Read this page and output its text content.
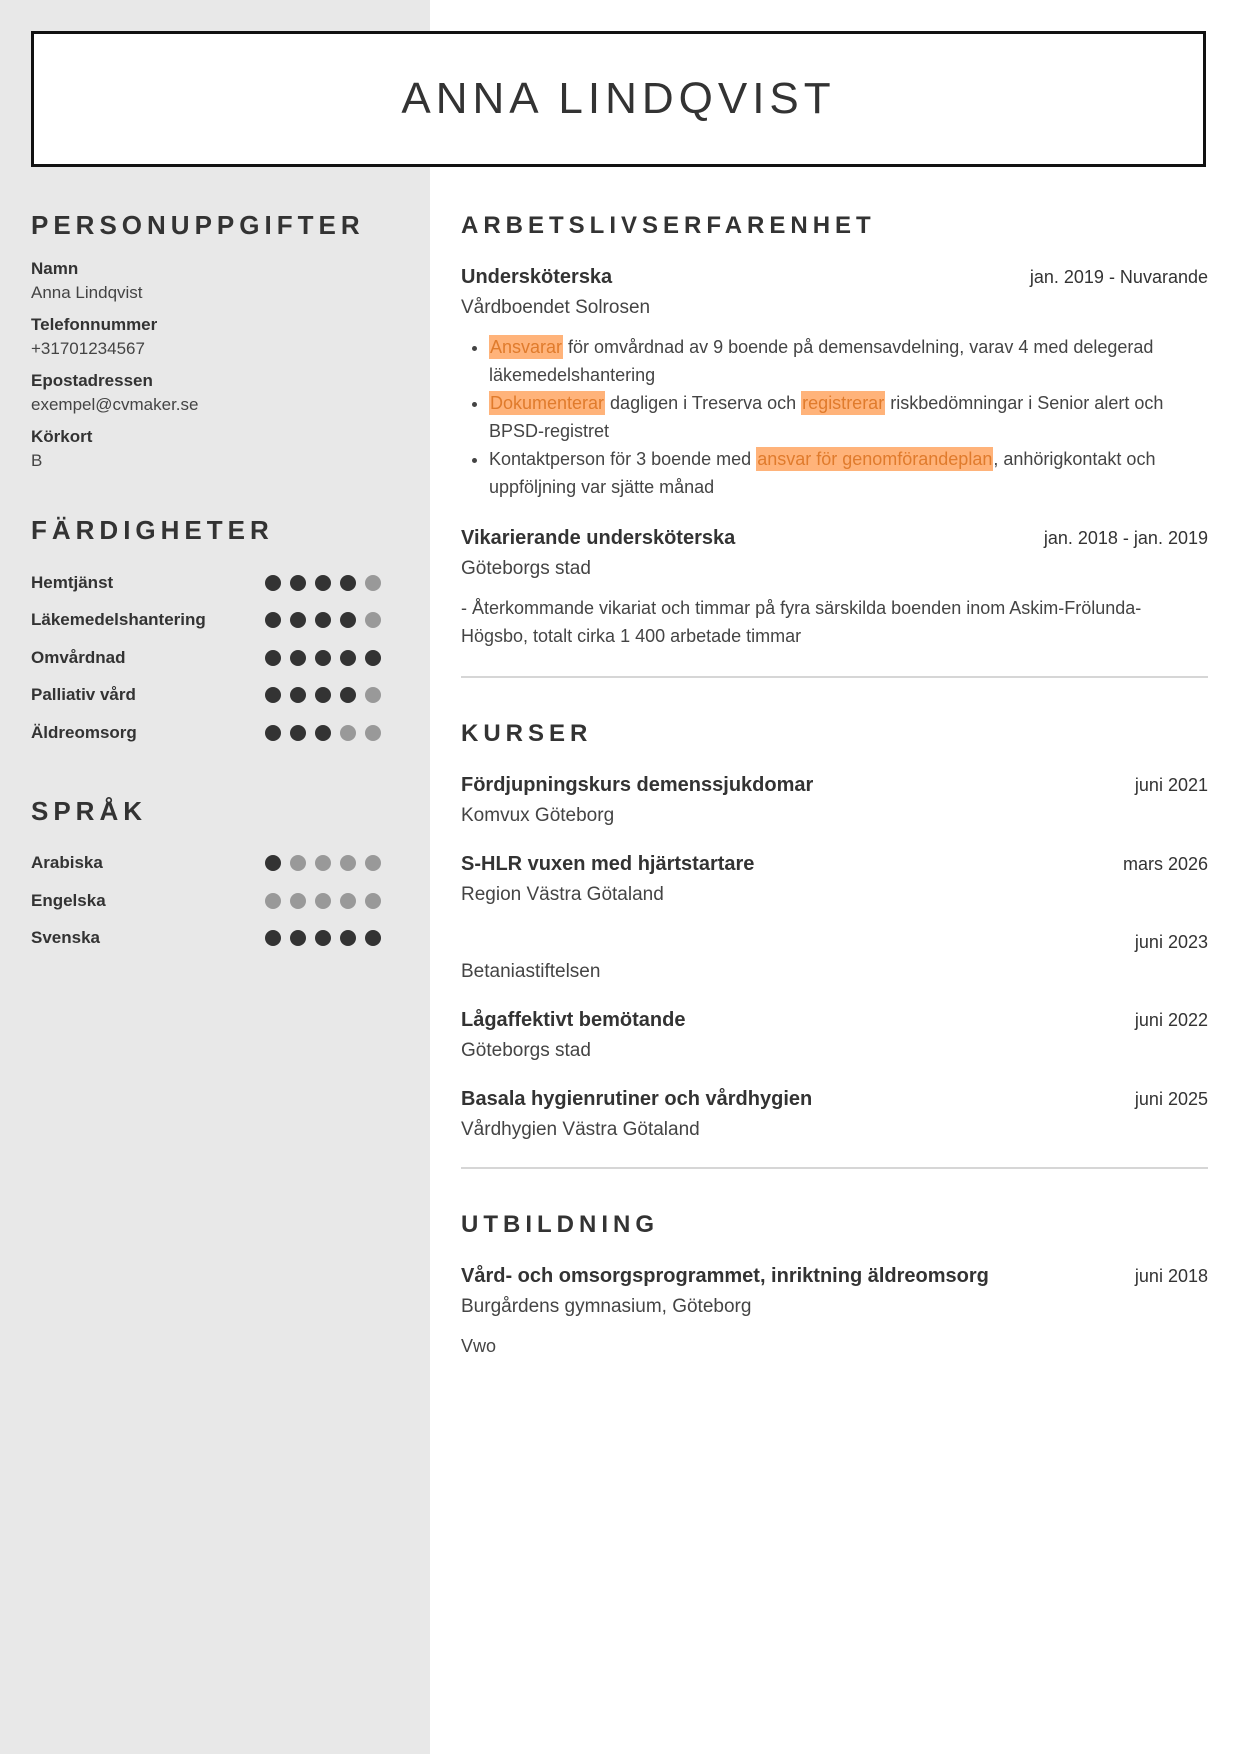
ANNA LINDQVIST
PERSONUPPGIFTER
Namn
Anna Lindqvist
Telefonnummer
+31701234567
Epostadressen
exempel@cvmaker.se
Körkort
B
FÄRDIGHETER
Hemtjänst
Läkemedelshantering
Omvårdnad
Palliativ vård
Äldreomsorg
SPRÅK
Arabiska
Engelska
Svenska
ARBETSLIVSERFARENHET
Undersköterska	jan. 2019 - Nuvarande
Vårdboendet Solrosen
• Ansvarar för omvårdnad av 9 boende på demensavdelning, varav 4 med delegerad läkemedelshantering
• Dokumenterar dagligen i Treserva och registrerar riskbedömningar i Senior alert och BPSD-registret
• Kontaktperson för 3 boende med ansvar för genomförandeplan, anhörigkontakt och uppföljning var sjätte månad
Vikarierande undersköterska	jan. 2018 - jan. 2019
Göteborgs stad
- Återkommande vikariat och timmar på fyra särskilda boenden inom Askim-Frölunda-Högsbo, totalt cirka 1 400 arbetade timmar
KURSER
Fördjupningskurs demenssjukdomar	juni 2021
Komvux Göteborg
S-HLR vuxen med hjärtstartare	mars 2026
Region Västra Götaland
juni 2023
Betaniastiftelsen
Lågaffektivt bemötande	juni 2022
Göteborgs stad
Basala hygienrutiner och vårdhygien	juni 2025
Vårdhygien Västra Götaland
UTBILDNING
Vård- och omsorgsprogrammet, inriktning äldreomsorg	juni 2018
Burgårdens gymnasium, Göteborg
Vwo
